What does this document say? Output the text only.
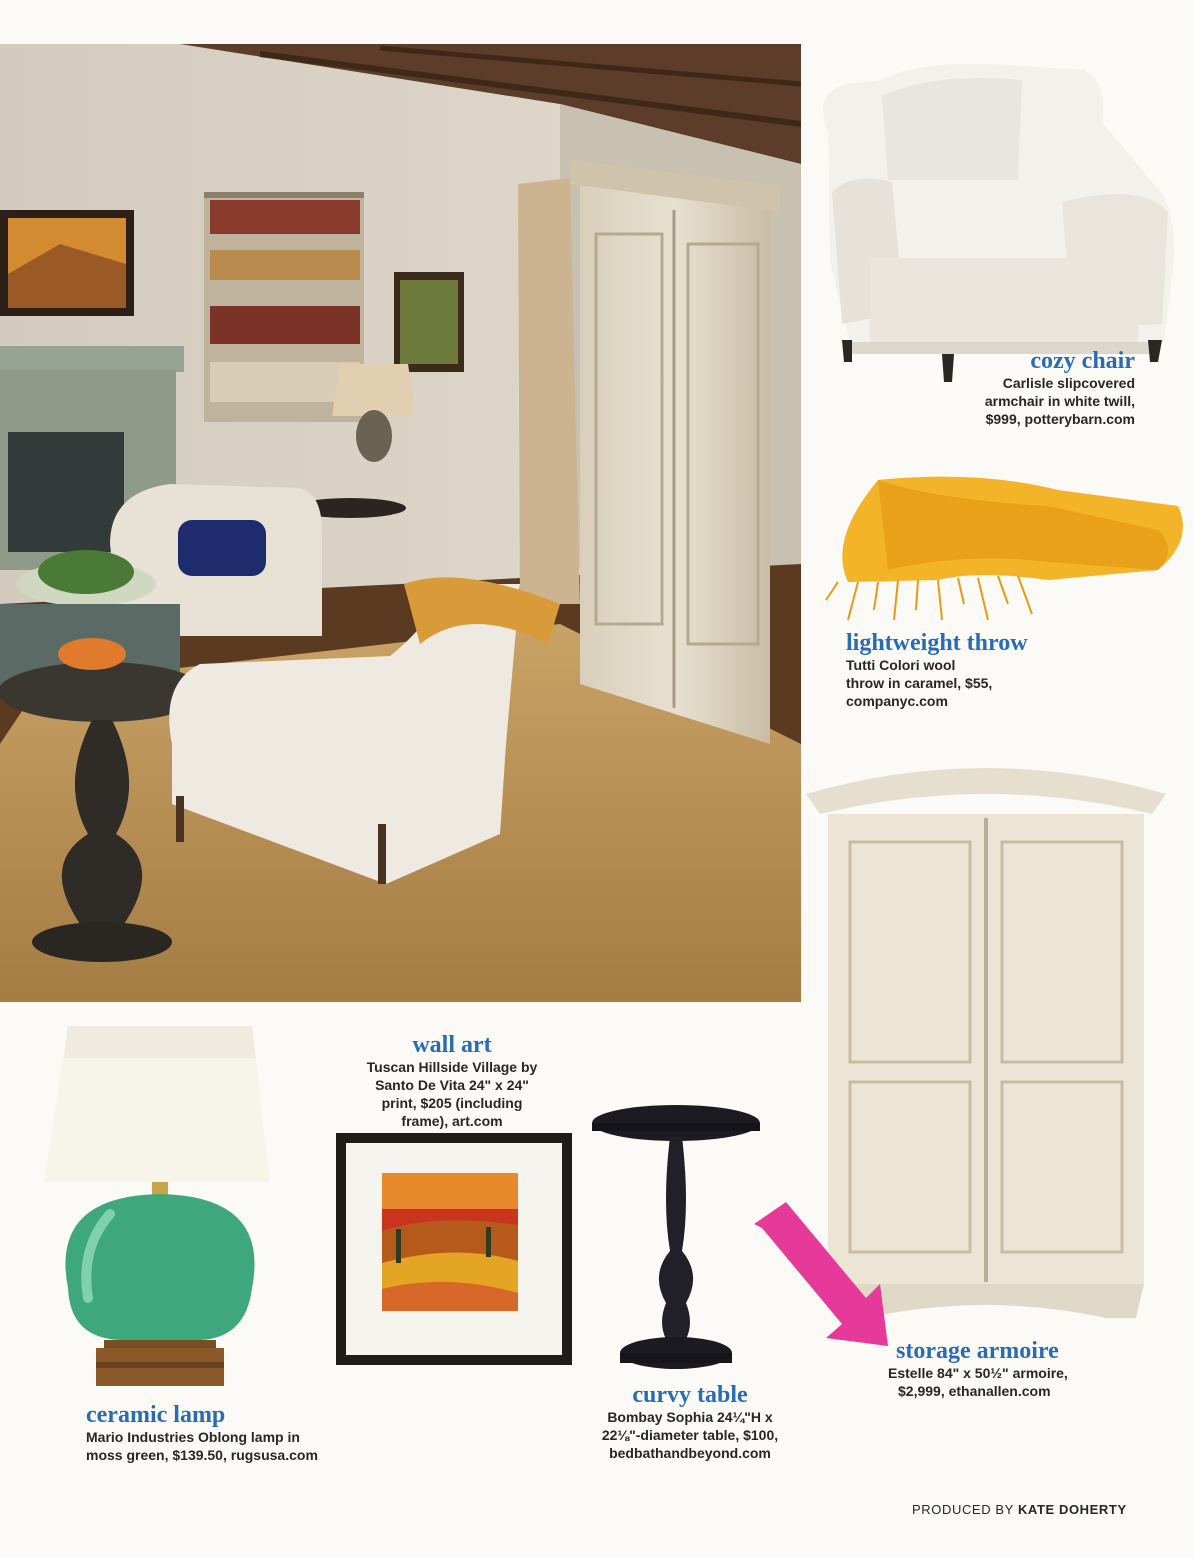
cozy chair

Carlisle slipcovered
armchair in white twill,
$999, potterybarn.com

lightweight throw

Tutti Colori wool
throw in caramel, $55,
companyc.com

storage armoire

Estelle 84" x 50½" armoire,
$2,999, ethanallen.com

wall art

Tuscan Hillside Village by
Santo De Vita 24" x 24"
print, $205 (including
frame), art.com

curvy table

Bombay Sophia 24¼"H x
22⅛"-diameter table, $100,
bedbathandbeyond.com

ceramic lamp

Mario Industries Oblong lamp in
moss green, $139.50, rugsusa.com

PRODUCED BY KATE DOHERTY
